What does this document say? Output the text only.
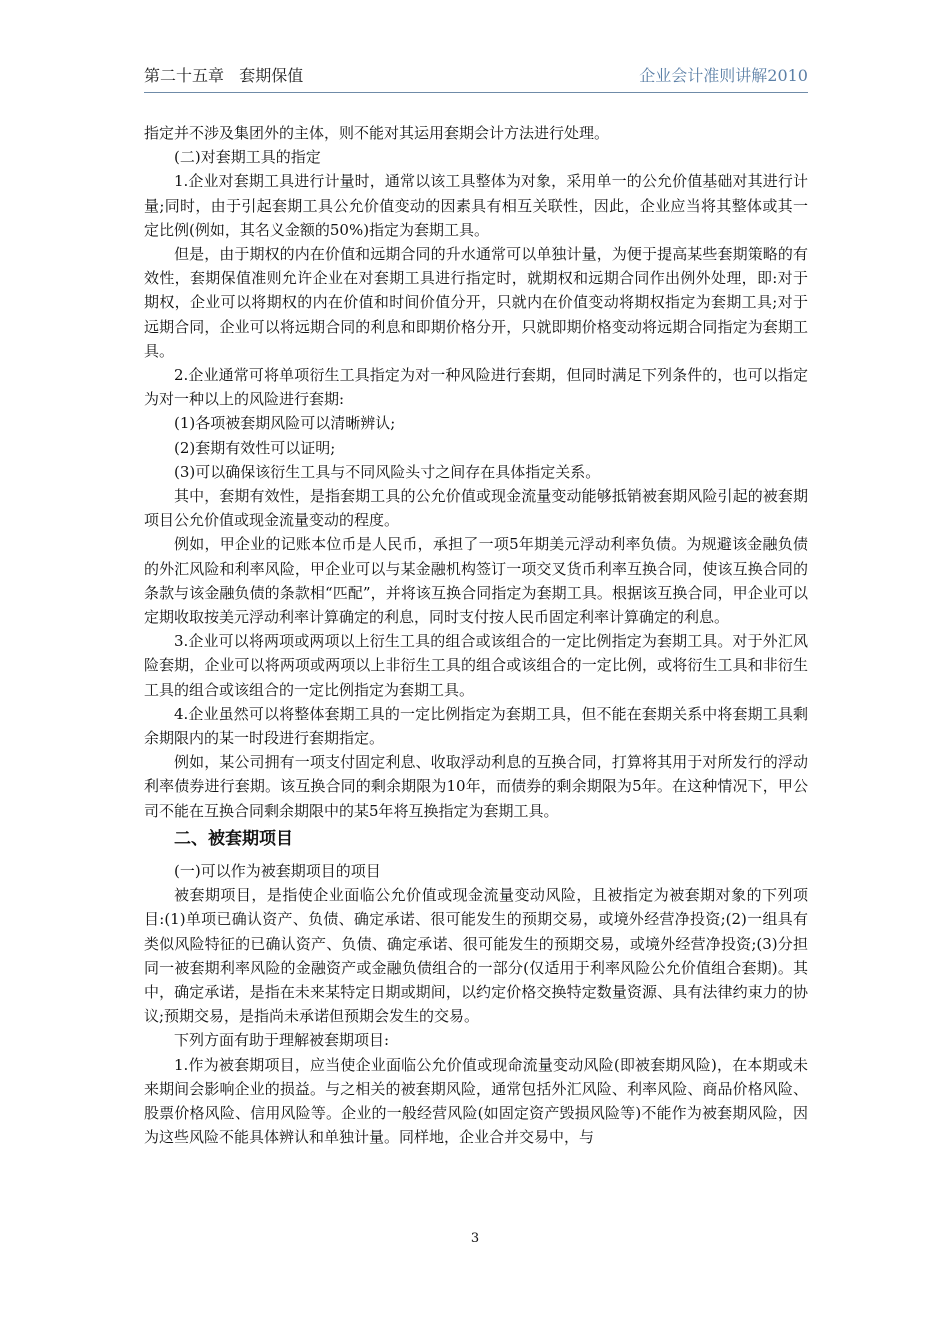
第二十五章   套期保值	企业会计准则讲解2010

指定并不涉及集团外的主体，则不能对其运用套期会计方法进行处理。

(二)对套期工具的指定

1.企业对套期工具进行计量时，通常以该工具整体为对象，采用单一的公允价值基础对其进行计量;同时，由于引起套期工具公允价值变动的因素具有相互关联性，因此，企业应当将其整体或其一定比例(例如，其名义金额的50%)指定为套期工具。

但是，由于期权的内在价值和远期合同的升水通常可以单独计量，为便于提高某些套期策略的有效性，套期保值准则允许企业在对套期工具进行指定时，就期权和远期合同作出例外处理，即:对于期权，企业可以将期权的内在价值和时间价值分开，只就内在价值变动将期权指定为套期工具;对于远期合同，企业可以将远期合同的利息和即期价格分开，只就即期价格变动将远期合同指定为套期工具。

2.企业通常可将单项衍生工具指定为对一种风险进行套期，但同时满足下列条件的，也可以指定为对一种以上的风险进行套期:

(1)各项被套期风险可以清晰辨认;

(2)套期有效性可以证明;

(3)可以确保该衍生工具与不同风险头寸之间存在具体指定关系。

其中，套期有效性，是指套期工具的公允价值或现金流量变动能够抵销被套期风险引起的被套期项目公允价值或现金流量变动的程度。

例如，甲企业的记账本位币是人民币，承担了一项5年期美元浮动利率负债。为规避该金融负债的外汇风险和利率风险，甲企业可以与某金融机构签订一项交叉货币利率互换合同，使该互换合同的条款与该金融负债的条款相“匹配”，并将该互换合同指定为套期工具。根据该互换合同，甲企业可以定期收取按美元浮动利率计算确定的利息，同时支付按人民币固定利率计算确定的利息。

3.企业可以将两项或两项以上衍生工具的组合或该组合的一定比例指定为套期工具。对于外汇风险套期，企业可以将两项或两项以上非衍生工具的组合或该组合的一定比例，或将衍生工具和非衍生工具的组合或该组合的一定比例指定为套期工具。

4.企业虽然可以将整体套期工具的一定比例指定为套期工具，但不能在套期关系中将套期工具剩余期限内的某一时段进行套期指定。

例如，某公司拥有一项支付固定利息、收取浮动利息的互换合同，打算将其用于对所发行的浮动利率债券进行套期。该互换合同的剩余期限为10年，而债券的剩余期限为5年。在这种情况下，甲公司不能在互换合同剩余期限中的某5年将互换指定为套期工具。

二、被套期项目

(一)可以作为被套期项目的项目

被套期项目，是指使企业面临公允价值或现金流量变动风险，且被指定为被套期对象的下列项目:(1)单项已确认资产、负债、确定承诺、很可能发生的预期交易，或境外经营净投资;(2)一组具有类似风险特征的已确认资产、负债、确定承诺、很可能发生的预期交易，或境外经营净投资;(3)分担同一被套期利率风险的金融资产或金融负债组合的一部分(仅适用于利率风险公允价值组合套期)。其中，确定承诺，是指在未来某特定日期或期间，以约定价格交换特定数量资源、具有法律约束力的协议;预期交易，是指尚未承诺但预期会发生的交易。

下列方面有助于理解被套期项目:

1.作为被套期项目，应当使企业面临公允价值或现命流量变动风险(即被套期风险)，在本期或未来期间会影响企业的损益。与之相关的被套期风险，通常包括外汇风险、利率风险、商品价格风险、股票价格风险、信用风险等。企业的一般经营风险(如固定资产毁损风险等)不能作为被套期风险，因为这些风险不能具体辨认和单独计量。同样地，企业合并交易中，与

3
